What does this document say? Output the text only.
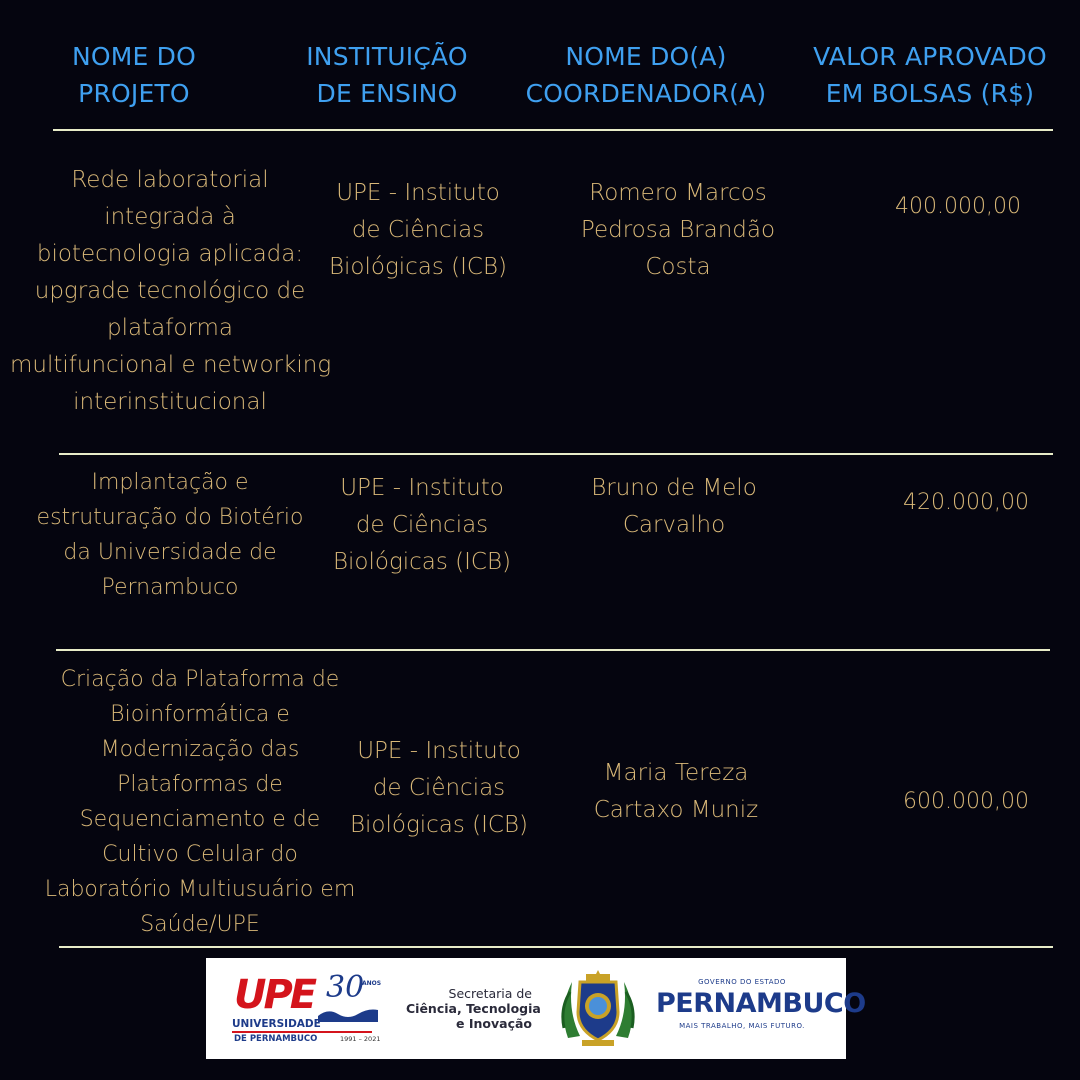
NOME DO
PROJETO
INSTITUIÇÃO
DE ENSINO
NOME DO(A)
COORDENADOR(A)
VALOR APROVADO
EM BOLSAS (R$)
Rede laboratorial
integrada à
biotecnologia aplicada:
upgrade tecnológico de
plataforma
multifuncional e networking
interinstitucional
UPE - Instituto
de Ciências
Biológicas (ICB)
Romero Marcos
Pedrosa Brandão
Costa
400.000,00
Implantação e
estruturação do Biotério
da Universidade de
Pernambuco
UPE - Instituto
de Ciências
Biológicas (ICB)
Bruno de Melo
Carvalho
420.000,00
Criação da Plataforma de
Bioinformática e
Modernização das
Plataformas de
Sequenciamento e de
Cultivo Celular do
Laboratório Multiusuário em
Saúde/UPE
UPE - Instituto
de Ciências
Biológicas (ICB)
Maria Tereza
Cartaxo Muniz	600.000,00
UPE 30
ANOS
UNIVERSIDADE
DE PERNAMBUCO	1991 – 2021
Secretaria de
Ciência, Tecnologia
e Inovação
GOVERNO DO ESTADO
PERNAMBUCO
MAIS TRABALHO, MAIS FUTURO.
